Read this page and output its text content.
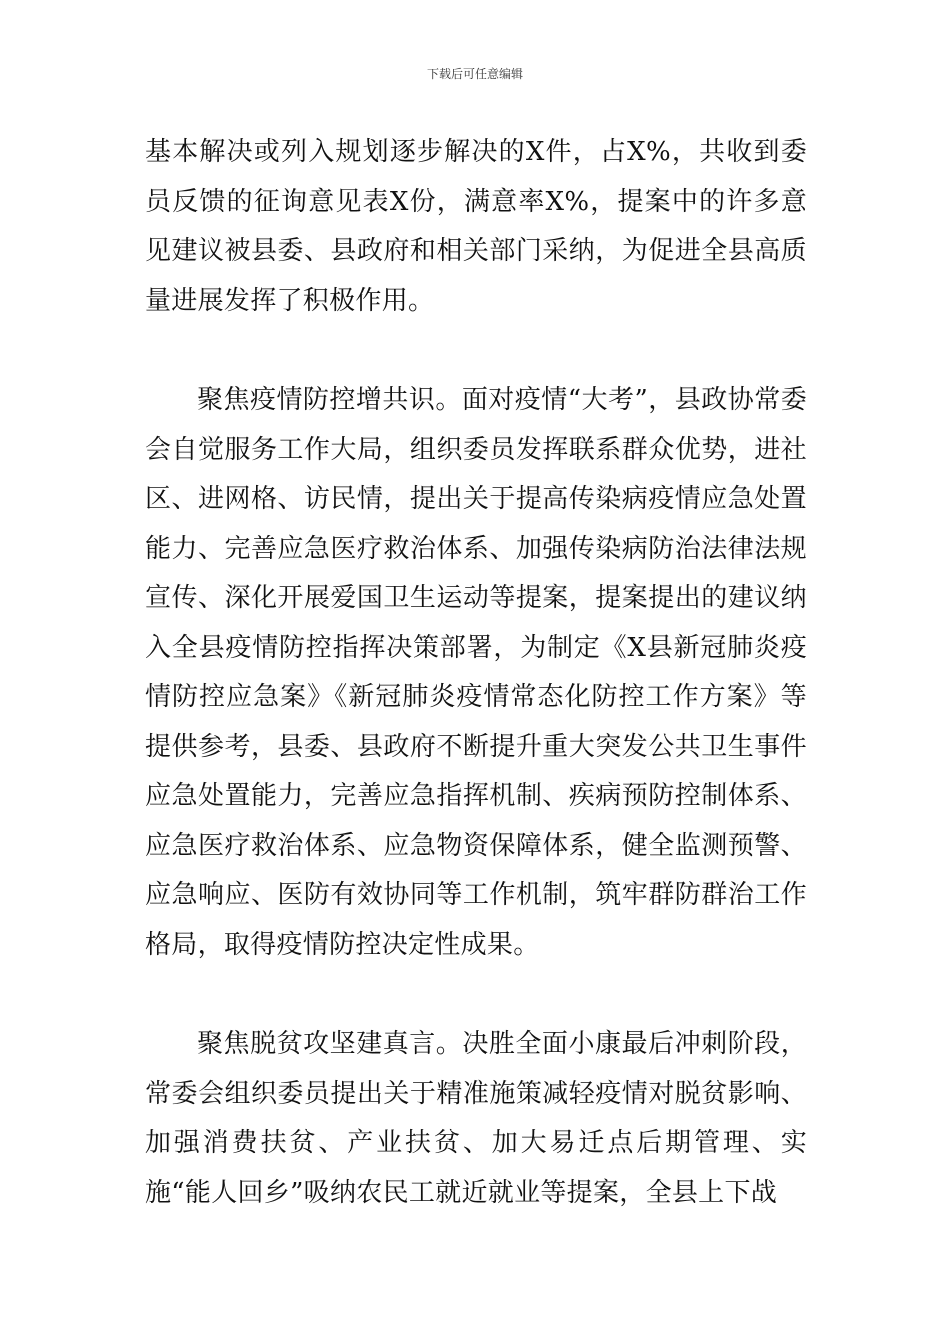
下载后可任意编辑

基本解决或列入规划逐步解决的X件，占X%，共收到委员反馈的征询意见表X份，满意率X%，提案中的许多意见建议被县委、县政府和相关部门采纳，为促进全县高质量进展发挥了积极作用。

聚焦疫情防控增共识。面对疫情“大考”，县政协常委会自觉服务工作大局，组织委员发挥联系群众优势，进社区、进网格、访民情，提出关于提高传染病疫情应急处置能力、完善应急医疗救治体系、加强传染病防治法律法规宣传、深化开展爱国卫生运动等提案，提案提出的建议纳入全县疫情防控指挥决策部署，为制定《X县新冠肺炎疫情防控应急案》《新冠肺炎疫情常态化防控工作方案》等提供参考，县委、县政府不断提升重大突发公共卫生事件应急处置能力，完善应急指挥机制、疾病预防控制体系、应急医疗救治体系、应急物资保障体系，健全监测预警、应急响应、医防有效协同等工作机制，筑牢群防群治工作格局，取得疫情防控决定性成果。

聚焦脱贫攻坚建真言。决胜全面小康最后冲刺阶段，常委会组织委员提出关于精准施策减轻疫情对脱贫影响、加强消费扶贫、产业扶贫、加大易迁点后期管理、实施“能人回乡”吸纳农民工就近就业等提案，全县上下战
